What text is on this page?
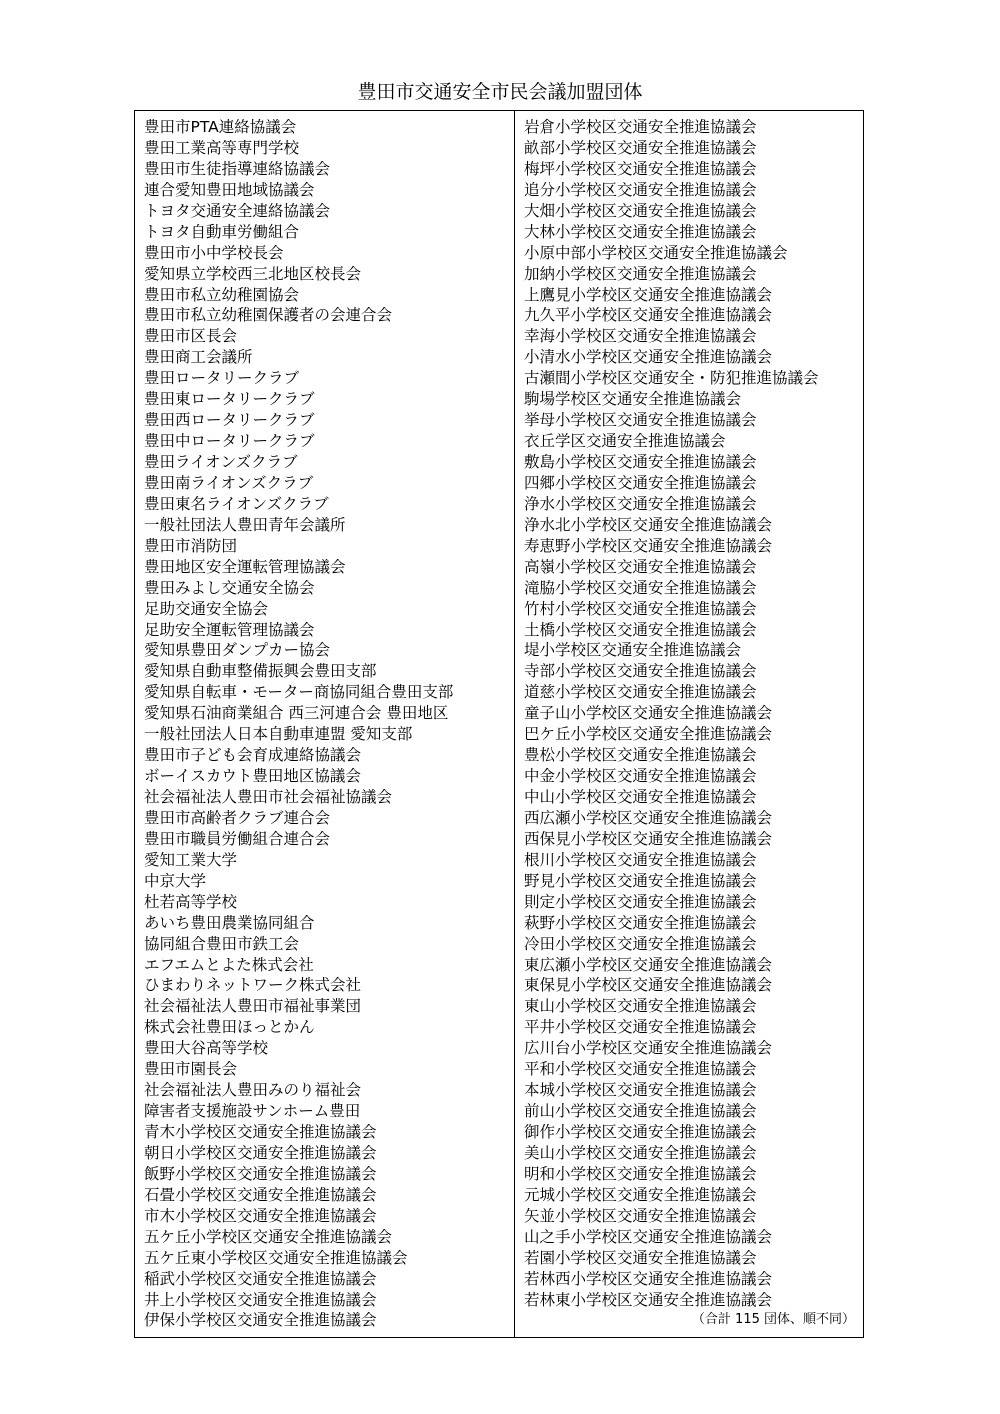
豊田市交通安全市民会議加盟団体
豊田市PTA連絡協議会
豊田工業高等専門学校
豊田市生徒指導連絡協議会
連合愛知豊田地域協議会
トヨタ交通安全連絡協議会
トヨタ自動車労働組合
豊田市小中学校長会
愛知県立学校西三北地区校長会
豊田市私立幼稚園協会
豊田市私立幼稚園保護者の会連合会
豊田市区長会
豊田商工会議所
豊田ロータリークラブ
豊田東ロータリークラブ
豊田西ロータリークラブ
豊田中ロータリークラブ
豊田ライオンズクラブ
豊田南ライオンズクラブ
豊田東名ライオンズクラブ
一般社団法人豊田青年会議所
豊田市消防団
豊田地区安全運転管理協議会
豊田みよし交通安全協会
足助交通安全協会
足助安全運転管理協議会
愛知県豊田ダンプカー協会
愛知県自動車整備振興会豊田支部
愛知県自転車・モーター商協同組合豊田支部
愛知県石油商業組合 西三河連合会 豊田地区
一般社団法人日本自動車連盟 愛知支部
豊田市子ども会育成連絡協議会
ボーイスカウト豊田地区協議会
社会福祉法人豊田市社会福祉協議会
豊田市高齢者クラブ連合会
豊田市職員労働組合連合会
愛知工業大学
中京大学
杜若高等学校
あいち豊田農業協同組合
協同組合豊田市鉄工会
エフエムとよた株式会社
ひまわりネットワーク株式会社
社会福祉法人豊田市福祉事業団
株式会社豊田ほっとかん
豊田大谷高等学校
豊田市園長会
社会福祉法人豊田みのり福祉会
障害者支援施設サンホーム豊田
青木小学校区交通安全推進協議会
朝日小学校区交通安全推進協議会
飯野小学校区交通安全推進協議会
石畳小学校区交通安全推進協議会
市木小学校区交通安全推進協議会
五ケ丘小学校区交通安全推進協議会
五ケ丘東小学校区交通安全推進協議会
稲武小学校区交通安全推進協議会
井上小学校区交通安全推進協議会
伊保小学校区交通安全推進協議会
岩倉小学校区交通安全推進協議会
畝部小学校区交通安全推進協議会
梅坪小学校区交通安全推進協議会
追分小学校区交通安全推進協議会
大畑小学校区交通安全推進協議会
大林小学校区交通安全推進協議会
小原中部小学校区交通安全推進協議会
加納小学校区交通安全推進協議会
上鷹見小学校区交通安全推進協議会
九久平小学校区交通安全推進協議会
幸海小学校区交通安全推進協議会
小清水小学校区交通安全推進協議会
古瀬間小学校区交通安全・防犯推進協議会
駒場学校区交通安全推進協議会
挙母小学校区交通安全推進協議会
衣丘学区交通安全推進協議会
敷島小学校区交通安全推進協議会
四郷小学校区交通安全推進協議会
浄水小学校区交通安全推進協議会
浄水北小学校区交通安全推進協議会
寿恵野小学校区交通安全推進協議会
高嶺小学校区交通安全推進協議会
滝脇小学校区交通安全推進協議会
竹村小学校区交通安全推進協議会
土橋小学校区交通安全推進協議会
堤小学校区交通安全推進協議会
寺部小学校区交通安全推進協議会
道慈小学校区交通安全推進協議会
童子山小学校区交通安全推進協議会
巴ケ丘小学校区交通安全推進協議会
豊松小学校区交通安全推進協議会
中金小学校区交通安全推進協議会
中山小学校区交通安全推進協議会
西広瀬小学校区交通安全推進協議会
西保見小学校区交通安全推進協議会
根川小学校区交通安全推進協議会
野見小学校区交通安全推進協議会
則定小学校区交通安全推進協議会
萩野小学校区交通安全推進協議会
冷田小学校区交通安全推進協議会
東広瀬小学校区交通安全推進協議会
東保見小学校区交通安全推進協議会
東山小学校区交通安全推進協議会
平井小学校区交通安全推進協議会
広川台小学校区交通安全推進協議会
平和小学校区交通安全推進協議会
本城小学校区交通安全推進協議会
前山小学校区交通安全推進協議会
御作小学校区交通安全推進協議会
美山小学校区交通安全推進協議会
明和小学校区交通安全推進協議会
元城小学校区交通安全推進協議会
矢並小学校区交通安全推進協議会
山之手小学校区交通安全推進協議会
若園小学校区交通安全推進協議会
若林西小学校区交通安全推進協議会
若林東小学校区交通安全推進協議会
（合計 115 団体、順不同）
